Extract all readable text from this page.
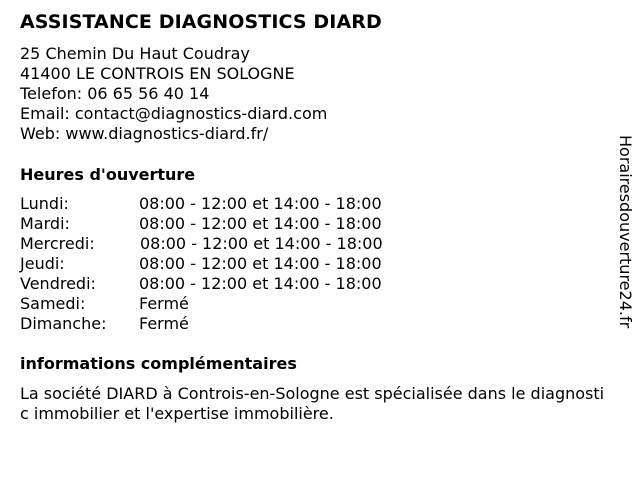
ASSISTANCE DIAGNOSTICS DIARD
25 Chemin Du Haut Coudray
41400 LE CONTROIS EN SOLOGNE
Telefon: 06 65 56 40 14
Email: contact@diagnostics-diard.com
Web: www.diagnostics-diard.fr/
Heures d'ouverture
Lundi:	08:00 - 12:00 et 14:00 - 18:00
Mardi:	08:00 - 12:00 et 14:00 - 18:00
Mercredi:	08:00 - 12:00 et 14:00 - 18:00
Jeudi:	08:00 - 12:00 et 14:00 - 18:00
Vendredi:	08:00 - 12:00 et 14:00 - 18:00
Samedi:	Fermé
Dimanche: Fermé
informations complémentaires
La société DIARD à Controis-en-Sologne est spécialisée dans le diagnostic immobilier et l'expertise immobilière.
Horairesdouverture24.fr
